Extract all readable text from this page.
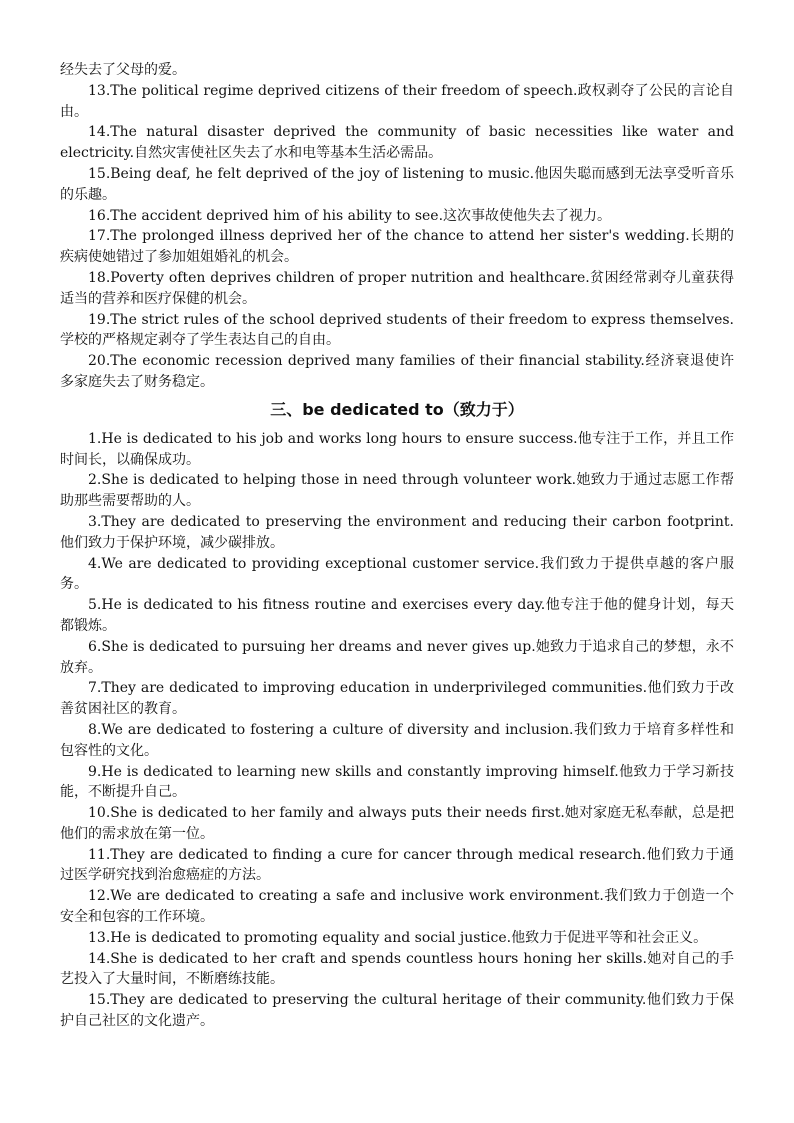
经失去了父母的爱。

13.The political regime deprived citizens of their freedom of speech.政权剥夺了公民的言论自由。

14.The natural disaster deprived the community of basic necessities like water and electricity.自然灾害使社区失去了水和电等基本生活必需品。

15.Being deaf, he felt deprived of the joy of listening to music.他因失聪而感到无法享受听音乐的乐趣。

16.The accident deprived him of his ability to see.这次事故使他失去了视力。

17.The prolonged illness deprived her of the chance to attend her sister's wedding.长期的疾病使她错过了参加姐姐婚礼的机会。

18.Poverty often deprives children of proper nutrition and healthcare.贫困经常剥夺儿童获得适当的营养和医疗保健的机会。

19.The strict rules of the school deprived students of their freedom to express themselves.学校的严格规定剥夺了学生表达自己的自由。

20.The economic recession deprived many families of their financial stability.经济衰退使许多家庭失去了财务稳定。

三、be dedicated to（致力于）

1.He is dedicated to his job and works long hours to ensure success.他专注于工作，并且工作时间长，以确保成功。

2.She is dedicated to helping those in need through volunteer work.她致力于通过志愿工作帮助那些需要帮助的人。

3.They are dedicated to preserving the environment and reducing their carbon footprint.他们致力于保护环境，减少碳排放。

4.We are dedicated to providing exceptional customer service.我们致力于提供卓越的客户服务。

5.He is dedicated to his fitness routine and exercises every day.他专注于他的健身计划，每天都锻炼。

6.She is dedicated to pursuing her dreams and never gives up.她致力于追求自己的梦想，永不放弃。

7.They are dedicated to improving education in underprivileged communities.他们致力于改善贫困社区的教育。

8.We are dedicated to fostering a culture of diversity and inclusion.我们致力于培育多样性和包容性的文化。

9.He is dedicated to learning new skills and constantly improving himself.他致力于学习新技能，不断提升自己。

10.She is dedicated to her family and always puts their needs first.她对家庭无私奉献，总是把他们的需求放在第一位。

11.They are dedicated to finding a cure for cancer through medical research.他们致力于通过医学研究找到治愈癌症的方法。

12.We are dedicated to creating a safe and inclusive work environment.我们致力于创造一个安全和包容的工作环境。

13.He is dedicated to promoting equality and social justice.他致力于促进平等和社会正义。

14.She is dedicated to her craft and spends countless hours honing her skills.她对自己的手艺投入了大量时间，不断磨练技能。

15.They are dedicated to preserving the cultural heritage of their community.他们致力于保护自己社区的文化遗产。
